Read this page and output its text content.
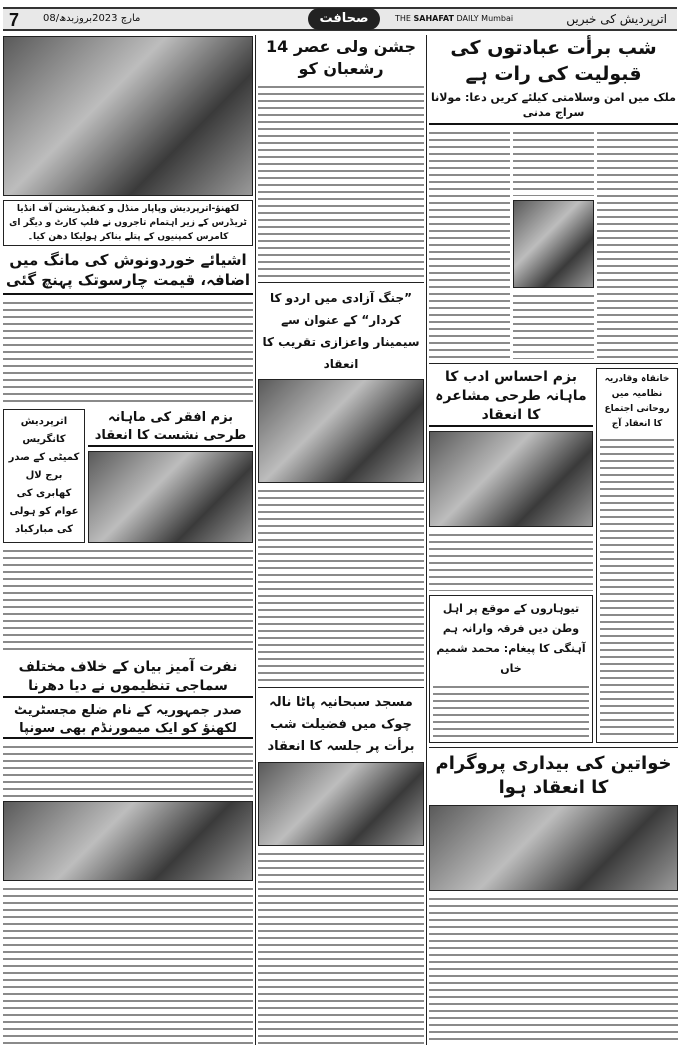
7 08/مارچ 2023بروزبدھ	صحافت	THE SAHAFAT DAILY Mumbai	اترپردیش کی خبریں
لکھنؤ-اترپردیش وپاپار منڈل و کنفیڈریشن آف انڈیا ٹریڈرس کے زیر اہتمام تاجروں نے فلپ کارٹ و دیگر ای کامرس کمپنیوں کے پتلے بناکر ہولیکا دھن کیا۔
اشیائے خوردونوش کی مانگ میں اضافہ، قیمت چارسوتک پہنچ گئی
اترپردیش کانگریس کمیٹی کے صدر برج لال کھابری کی عوام کو ہولی کی مبارکباد
بزم افقر کی ماہانہ طرحی نشست کا انعقاد
نفرت آمیز بیان کے خلاف مختلف سماجی تنظیموں نے دیا دھرنا
صدر جمہوریہ کے نام ضلع مجسٹریٹ لکھنؤ کو ایک میمورنڈم بھی سونپا
جشن ولی عصر 14 رشعبان کو
”جنگ آزادی میں اردو کا کردار“ کے عنوان سے سیمینار واعزازی تقریب کا انعقاد
مسجد سبحانیہ پاٹا نالہ چوک میں فضیلت شب برأت پر جلسہ کا انعقاد
شب برأت عبادتوں کی قبولیت کی رات ہے
ملک میں امن وسلامتی کیلئے کریں دعا: مولانا سراج مدنی
بزم احساس ادب کا ماہانہ طرحی مشاعرہ کا انعقاد
تیوہاروں کے موقع پر اہل وطن دیں فرقہ وارانہ ہم آہنگی کا پیغام: محمد شمیم خاں
خانقاہ وقادریہ نظامیہ میں روحانی اجتماع کا انعقاد آج
خواتین کی بیداری پروگرام کا انعقاد ہوا
